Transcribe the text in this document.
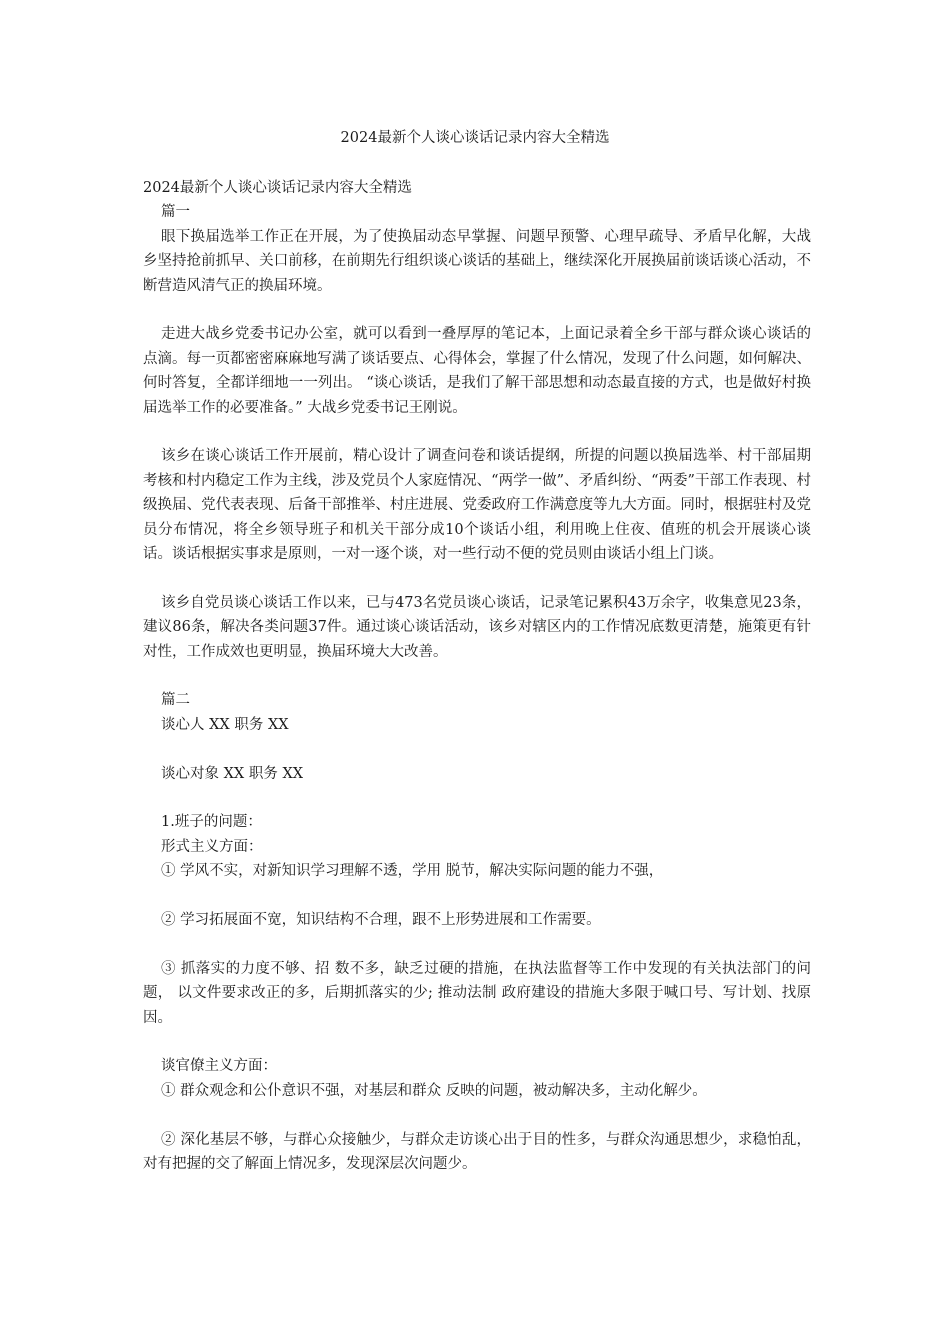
2024最新个人谈心谈话记录内容大全精选

2024最新个人谈心谈话记录内容大全精选

篇一

眼下换届选举工作正在开展，为了使换届动态早掌握、问题早预警、心理早疏导、矛盾早化解，大战乡坚持抢前抓早、关口前移，在前期先行组织谈心谈话的基础上，继续深化开展换届前谈话谈心活动，不断营造风清气正的换届环境。

走进大战乡党委书记办公室，就可以看到一叠厚厚的笔记本，上面记录着全乡干部与群众谈心谈话的点滴。每一页都密密麻麻地写满了谈话要点、心得体会，掌握了什么情况，发现了什么问题，如何解决、何时答复，全都详细地一一列出。 “谈心谈话，是我们了解干部思想和动态最直接的方式，也是做好村换届选举工作的必要准备。” 大战乡党委书记王刚说。

该乡在谈心谈话工作开展前，精心设计了调查问卷和谈话提纲，所提的问题以换届选举、村干部届期考核和村内稳定工作为主线，涉及党员个人家庭情况、“两学一做”、矛盾纠纷、“两委”干部工作表现、村级换届、党代表表现、后备干部推举、村庄进展、党委政府工作满意度等九大方面。同时，根据驻村及党员分布情况，将全乡领导班子和机关干部分成10个谈话小组，利用晚上住夜、值班的机会开展谈心谈话。谈话根据实事求是原则，一对一逐个谈，对一些行动不便的党员则由谈话小组上门谈。

该乡自党员谈心谈话工作以来，已与473名党员谈心谈话，记录笔记累积43万余字，收集意见23条，建议86条，解决各类问题37件。通过谈心谈话活动，该乡对辖区内的工作情况底数更清楚，施策更有针对性，工作成效也更明显，换届环境大大改善。

篇二

谈心人 XX 职务 XX

谈心对象 XX 职务 XX

1.班子的问题：

形式主义方面：

① 学风不实，对新知识学习理解不透，学用 脱节，解决实际问题的能力不强，

② 学习拓展面不宽，知识结构不合理，跟不上形势进展和工作需要。

③ 抓落实的力度不够、招 数不多，缺乏过硬的措施，在执法监督等工作中发现的有关执法部门的问题， 以文件要求改正的多，后期抓落实的少; 推动法制 政府建设的措施大多限于喊口号、写计划、找原因。

谈官僚主义方面：

① 群众观念和公仆意识不强，对基层和群众 反映的问题，被动解决多，主动化解少。

② 深化基层不够，与群心众接触少，与群众走访谈心出于目的性多，与群众沟通思想少，求稳怕乱，对有把握的交了解面上情况多，发现深层次问题少。
